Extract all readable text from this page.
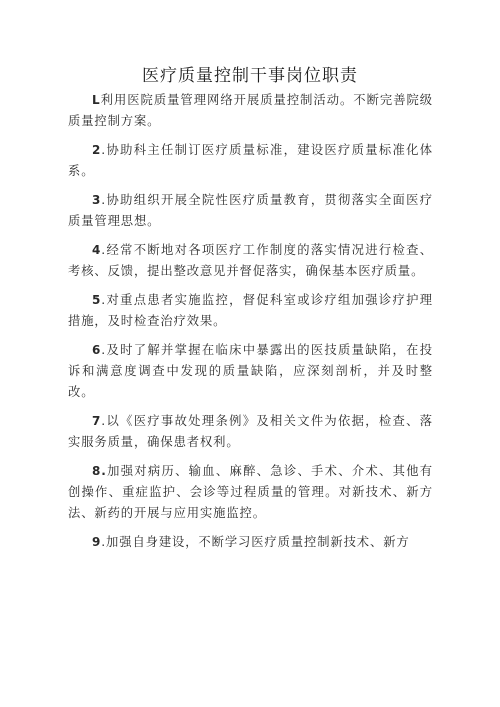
医疗质量控制干事岗位职责

L利用医院质量管理网络开展质量控制活动。不断完善院级质量控制方案。

2.协助科主任制订医疗质量标准，建设医疗质量标准化体系。

3.协助组织开展全院性医疗质量教育，贯彻落实全面医疗质量管理思想。

4.经常不断地对各项医疗工作制度的落实情况进行检查、考核、反馈，提出整改意见并督促落实，确保基本医疗质量。

5.对重点患者实施监控，督促科室或诊疗组加强诊疗护理措施，及时检查治疗效果。

6.及时了解并掌握在临床中暴露出的医技质量缺陷，在投诉和满意度调查中发现的质量缺陷，应深刻剖析，并及时整改。

7.以《医疗事故处理条例》及相关文件为依据，检查、落实服务质量，确保患者权利。

8.加强对病历、输血、麻醉、急诊、手术、介术、其他有创操作、重症监护、会诊等过程质量的管理。对新技术、新方法、新药的开展与应用实施监控。

9.加强自身建设，不断学习医疗质量控制新技术、新方
